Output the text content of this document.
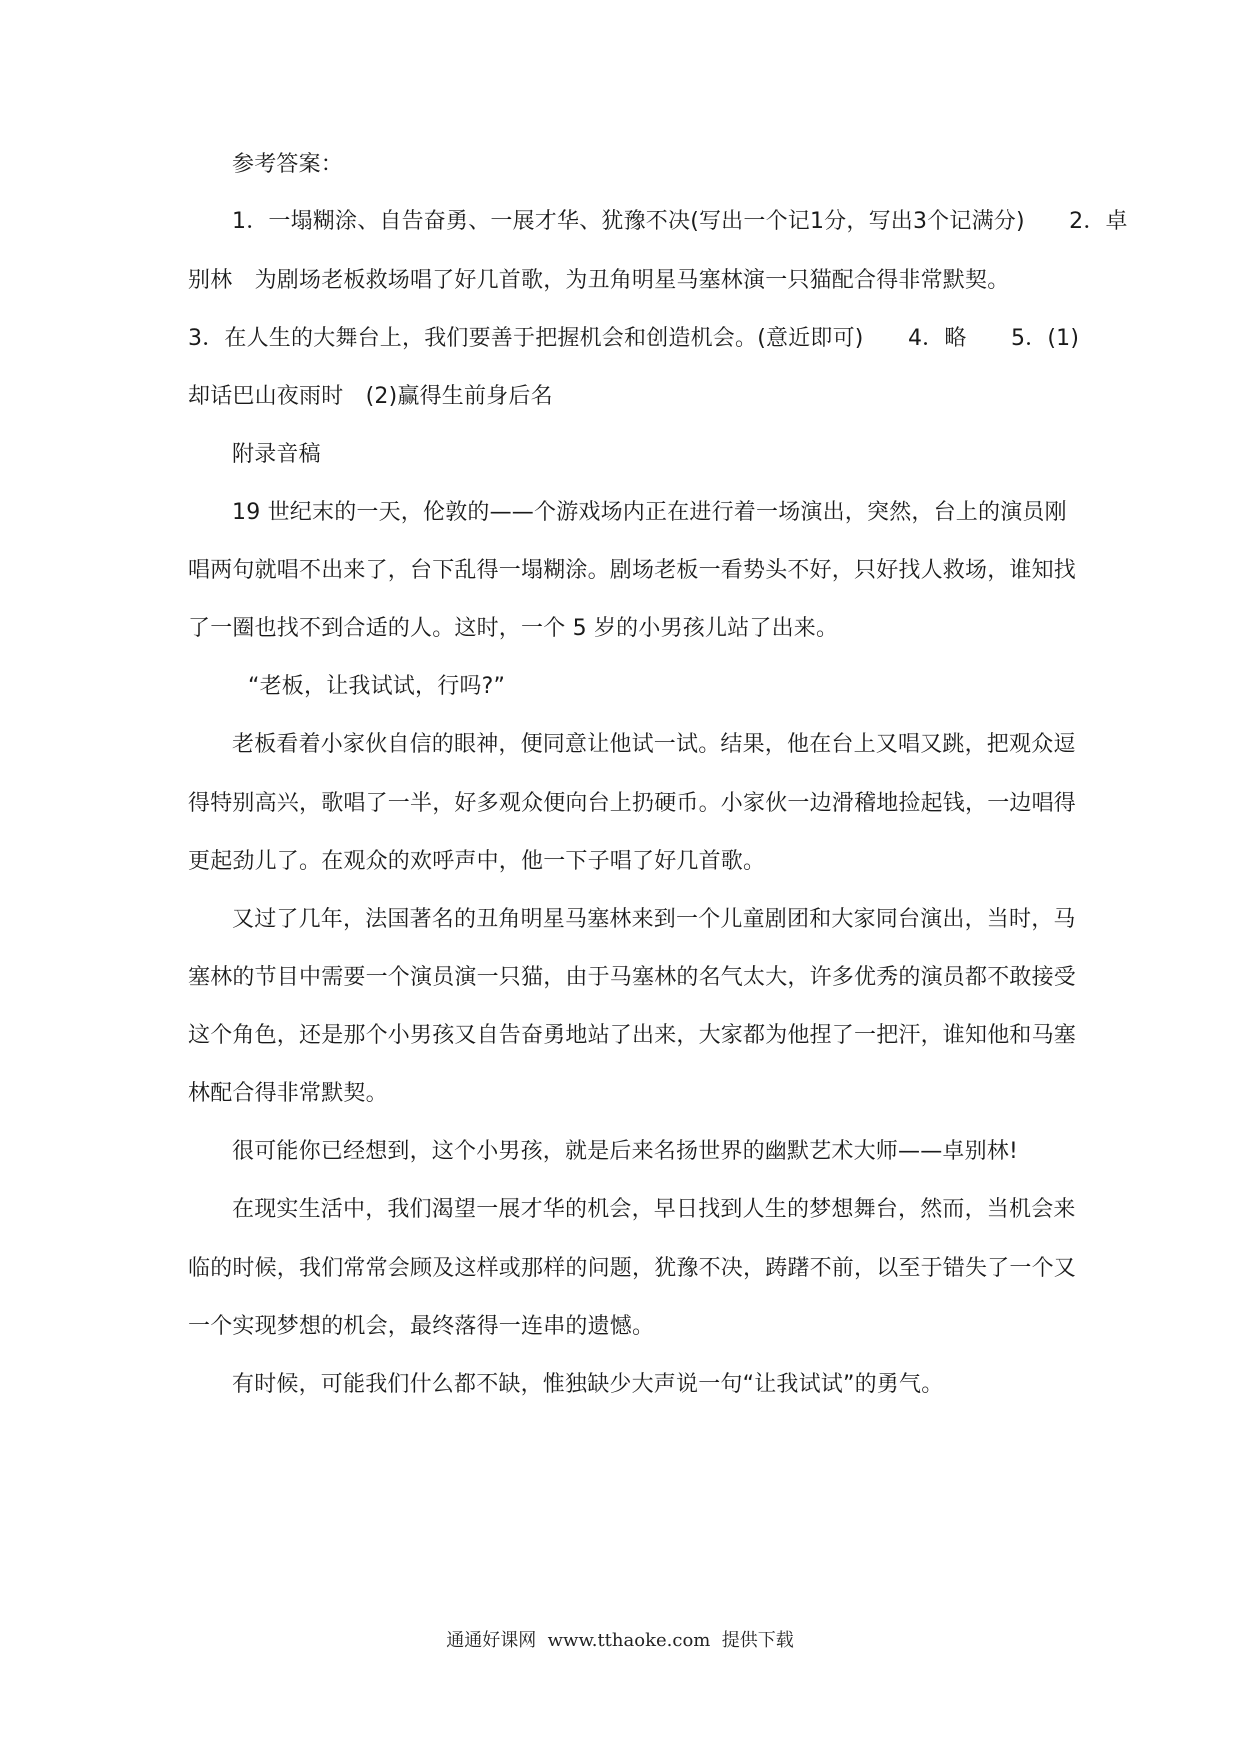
参考答案：
1．一塌糊涂、自告奋勇、一展才华、犹豫不决(写出一个记1分，写出3个记满分)　　2．卓
别林　为剧场老板救场唱了好几首歌，为丑角明星马塞林演一只猫配合得非常默契。
3．在人生的大舞台上，我们要善于把握机会和创造机会。(意近即可)　　4．略　　5．(1)
却话巴山夜雨时　(2)赢得生前身后名
附录音稿
19 世纪末的一天，伦敦的——个游戏场内正在进行着一场演出，突然，台上的演员刚
唱两句就唱不出来了，台下乱得一塌糊涂。剧场老板一看势头不好，只好找人救场，谁知找
了一圈也找不到合适的人。这时，一个 5 岁的小男孩儿站了出来。
“老板，让我试试，行吗?”
老板看着小家伙自信的眼神，便同意让他试一试。结果，他在台上又唱又跳，把观众逗
得特别高兴，歌唱了一半，好多观众便向台上扔硬币。小家伙一边滑稽地捡起钱，一边唱得
更起劲儿了。在观众的欢呼声中，他一下子唱了好几首歌。
又过了几年，法国著名的丑角明星马塞林来到一个儿童剧团和大家同台演出，当时，马
塞林的节目中需要一个演员演一只猫，由于马塞林的名气太大，许多优秀的演员都不敢接受
这个角色，还是那个小男孩又自告奋勇地站了出来，大家都为他捏了一把汗，谁知他和马塞
林配合得非常默契。
很可能你已经想到，这个小男孩，就是后来名扬世界的幽默艺术大师——卓别林!
在现实生活中，我们渴望一展才华的机会，早日找到人生的梦想舞台，然而，当机会来
临的时候，我们常常会顾及这样或那样的问题，犹豫不决，踌躇不前，以至于错失了一个又
一个实现梦想的机会，最终落得一连串的遗憾。
有时候，可能我们什么都不缺，惟独缺少大声说一句“让我试试”的勇气。
通通好课网  www.tthaoke.com  提供下载
